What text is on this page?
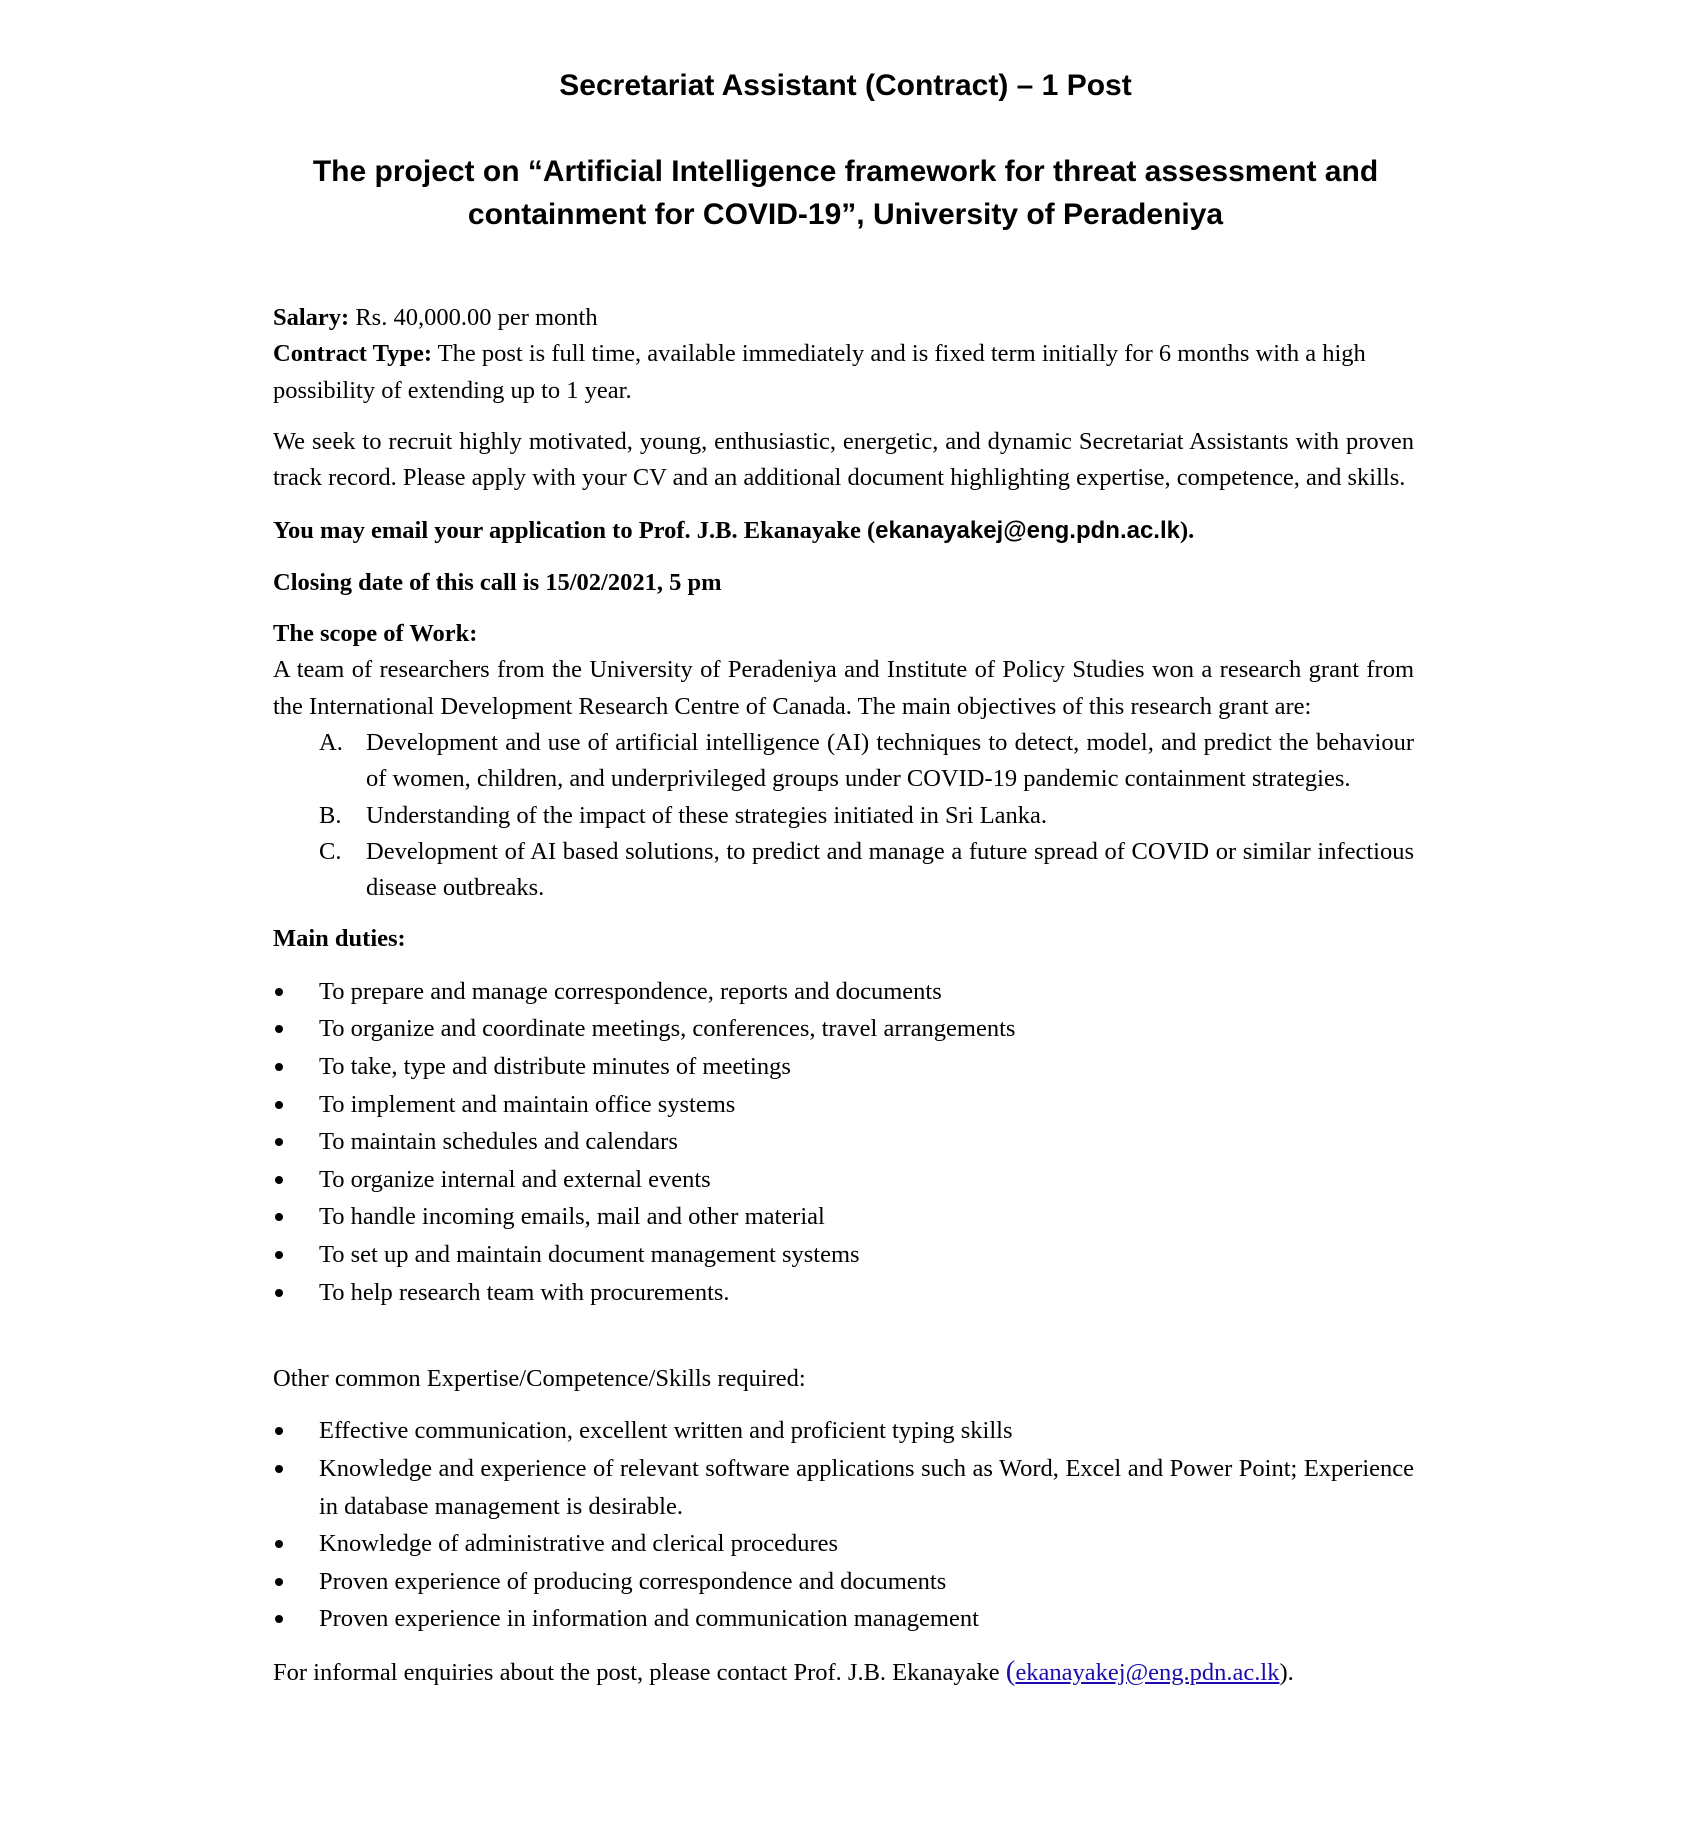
Secretariat Assistant (Contract) – 1 Post
The project on “Artificial Intelligence framework for threat assessment and
containment for COVID-19”, University of Peradeniya

Salary: Rs. 40,000.00 per month

Contract Type: The post is full time, available immediately and is fixed term initially for 6 months with a high possibility of extending up to 1 year.

We seek to recruit highly motivated, young, enthusiastic, energetic, and dynamic Secretariat Assistants with proven track record. Please apply with your CV and an additional document highlighting expertise, competence, and skills.

You may email your application to Prof. J.B. Ekanayake (ekanayakej@eng.pdn.ac.lk).

Closing date of this call is 15/02/2021, 5 pm

The scope of Work:

A team of researchers from the University of Peradeniya and Institute of Policy Studies won a research grant from the International Development Research Centre of Canada. The main objectives of this research grant are:

A. Development and use of artificial intelligence (AI) techniques to detect, model, and predict the behaviour of women, children, and underprivileged groups under COVID-19 pandemic containment strategies.
B. Understanding of the impact of these strategies initiated in Sri Lanka.
C. Development of AI based solutions, to predict and manage a future spread of COVID or similar infectious disease outbreaks.

Main duties:

To prepare and manage correspondence, reports and documents
To organize and coordinate meetings, conferences, travel arrangements
To take, type and distribute minutes of meetings
To implement and maintain office systems
To maintain schedules and calendars
To organize internal and external events
To handle incoming emails, mail and other material
To set up and maintain document management systems
To help research team with procurements.

Other common Expertise/Competence/Skills required:

Effective communication, excellent written and proficient typing skills
Knowledge and experience of relevant software applications such as Word, Excel and Power Point; Experience in database management is desirable.
Knowledge of administrative and clerical procedures
Proven experience of producing correspondence and documents
Proven experience in information and communication management

For informal enquiries about the post, please contact Prof. J.B. Ekanayake (ekanayakej@eng.pdn.ac.lk).
